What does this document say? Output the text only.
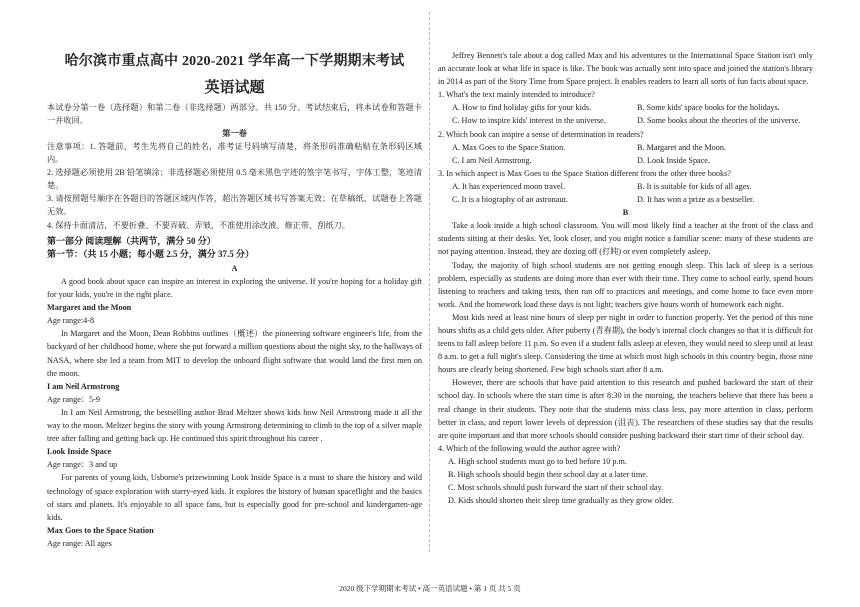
哈尔滨市重点高中 2020-2021 学年高一下学期期末考试
英语试题
本试卷分第一卷（选择题）和第二卷（非选择题）两部分。共 150 分。考试结束后，将本试卷和答题卡一并收回。
第一卷

注意事项：1. 答题前，考生先将自己的姓名，准考证号码填写清楚，将条形码准确粘贴在条形码区域内。

2. 选择题必须使用 2B 铅笔填涂；非选择题必须使用 0.5 毫米黑色字迹的签字笔书写，字体工整，笔迹清楚。

3. 请按照题号顺序在各题目的答题区域内作答，超出答题区域书写答案无效；在草稿纸、试题卷上答题无效。

4. 保持卡面清洁，不要折叠、不要弄破、弄皱，不准使用涂改液、修正带、刮纸刀。

第一部分 阅读理解（共两节，满分 50 分）
第一节：（共 15 小题；每小题 2.5 分，满分 37.5 分）
A

A good book about space can inspire an interest in exploring the universe. If you're hoping for a holiday gift for your kids, you're in the right place.

Margaret and the Moon

Age range:4-8

In Margaret and the Moon, Dean Robbins outlines（概述）the pioneering software engineer's life, from the backyard of her childhood home, where she put forward a million questions about the night sky, to the hallways of NASA, where she led a team from MIT to develop the onboard flight software that would land the first men on the moon.

I am Neil Armstrong

Age range：5-9

In I am Neil Armstrong, the bestselling author Brad Meltzer shows kids how Neil Armstrong made it all the way to the moon. Meltzer begins the story with young Armstrong determining to climb to the top of a silver maple tree after falling and getting back up. He continued this spirit throughout his career .

Look Inside Space

Age range：3 and up

For parents of young kids, Usborne's prizewinning Look Inside Space is a must to share the history and wild technology of space exploration with starry-eyed kids. It explores the history of human spaceflight and the basics of stars and planets. It's enjoyable to all space fans, but is especially good for pre-school and kindergarten-age kids.

Max Goes to the Space Station

Age range: All ages

Jeffrey Bennett's tale about a dog called Max and his adventures to the International Space Station isn't only an accurate look at what life in space is like. The book was actually sent into space and joined the station's library in 2014 as part of the Story Time from Space project. It enables readers to learn all sorts of fun facts about space.

1. What's the text mainly intended to introduce?

A. How to find holiday gifts for your kids.	B. Some kids' space books for the holidays.
C. How to inspire kids' interest in the universe.	D. Some books about the theories of the universe.

2. Which book can inspire a sense of determination in readers?

A. Max Goes to the Space Station.	B. Margaret and the Moon.
C. I am Neil Armstrong.	D. Look Inside Space.

3. In which aspect is Max Goes to the Space Station different from the other three books?

A. It has experienced moon travel.	B. It is suitable for kids of all ages.
C. It is a biography of an astronaut.	D. It has won a prize as a bestseller.

B

Take a look inside a high school classroom. You will most likely find a teacher at the front of the class and students sitting at their desks. Yet, look closer, and you might notice a familiar scene: many of these students are not paying attention. Instead, they are dozing off (打盹) or even completely asleep.

Today, the majority of high school students are not getting enough sleep. This lack of sleep is a serious problem, especially as students are doing more than ever with their time. They come to school early, spend hours listening to teachers and taking tests, then run off to practices and meetings, and come home to face even more work. And the homework load these days is not light; teachers give hours worth of homework each night.

Most kids need at least nine hours of sleep per night in order to function properly. Yet the period of this nine hours shifts as a child gets older. After puberty (青春期), the body's internal clock changes so that it is difficult for teens to fall asleep before 11 p.m. So even if a student falls asleep at eleven, they would need to sleep until at least 8 a.m. to get a full night's sleep. Considering the time at which most high schools in this country begin, those nine hours are clearly being shortened. Few high schools start after 8 a.m.

However, there are schools that have paid attention to this research and pushed backward the start of their school day. In schools where the start time is after 8:30 in the morning, the teachers believe that there has been a real change in their students. They note that the students miss class less, pay more attention in class, perform better in class, and report lower levels of depression (沮丧). The researchers of these studies say that the results are quite important and that more schools should consider pushing backward their start time of their school day.

4. Which of the following would the author agree with?

A. High school students must go to bed before 10 p.m.

B. High schools should begin their school day at a later time.

C. Most schools should push forward the start of their school day.

D. Kids should shorten their sleep time gradually as they grow older.

2020 级下学期期末考试 • 高一英语试题 • 第 1 页 共 5 页
